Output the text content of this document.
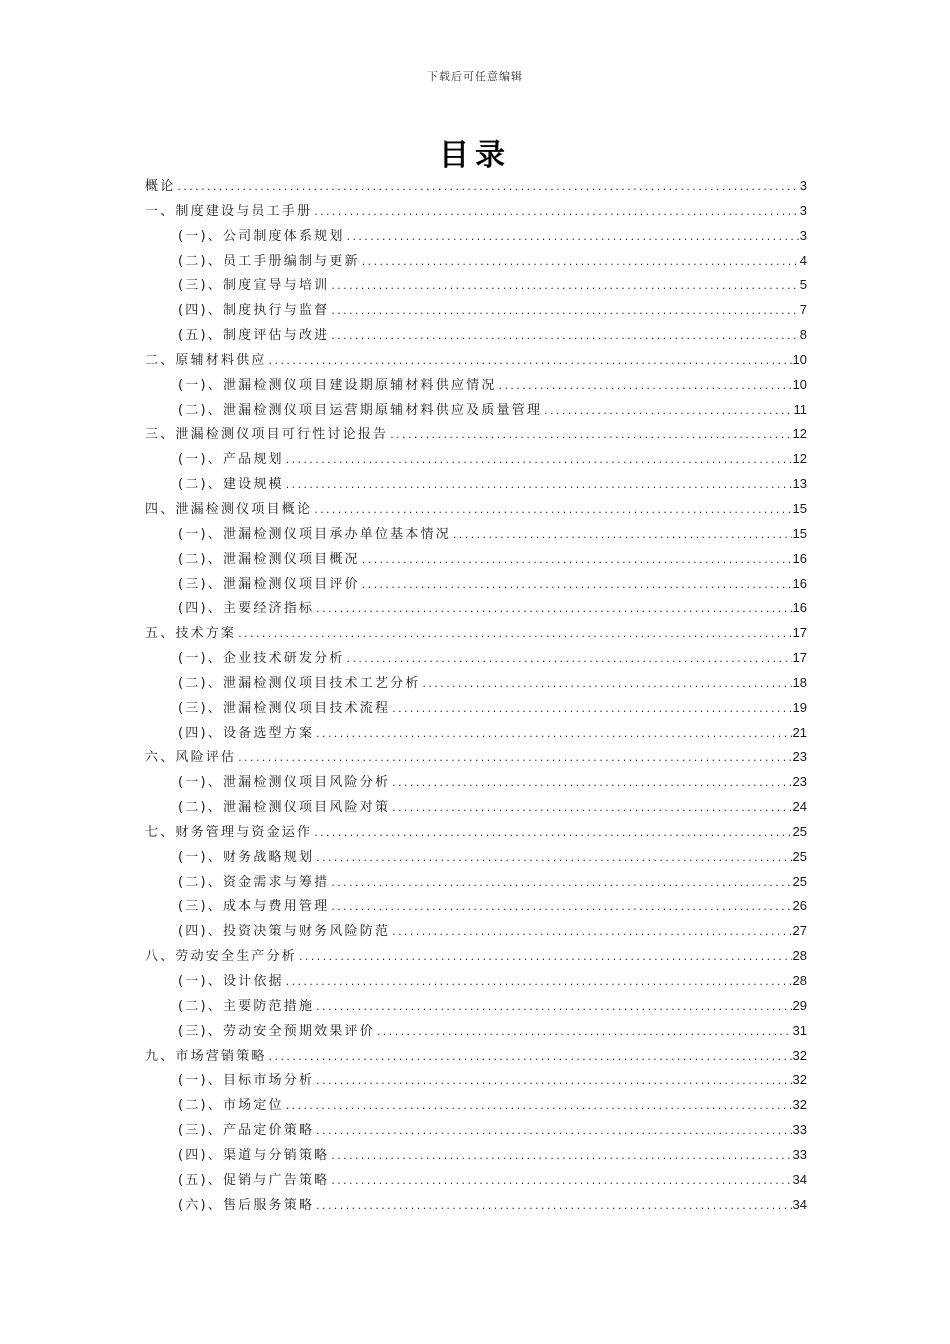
下载后可任意编辑
目录
概论 .....	3
一、制度建设与员工手册 .....	3
(一)、公司制度体系规划 .....	3
(二)、员工手册编制与更新 .....	4
(三)、制度宣导与培训 .....	5
(四)、制度执行与监督 .....	7
(五)、制度评估与改进 .....	8
二、原辅材料供应 .....	10
(一)、泄漏检测仪项目建设期原辅材料供应情况 .....	10
(二)、泄漏检测仪项目运营期原辅材料供应及质量管理 .....	11
三、泄漏检测仪项目可行性讨论报告 .....	12
(一)、产品规划 .....	12
(二)、建设规模 .....	13
四、泄漏检测仪项目概论 .....	15
(一)、泄漏检测仪项目承办单位基本情况 .....	15
(二)、泄漏检测仪项目概况 .....	16
(三)、泄漏检测仪项目评价 .....	16
(四)、主要经济指标 .....	16
五、技术方案 .....	17
(一)、企业技术研发分析 .....	17
(二)、泄漏检测仪项目技术工艺分析 .....	18
(三)、泄漏检测仪项目技术流程 .....	19
(四)、设备选型方案 .....	21
六、风险评估 .....	23
(一)、泄漏检测仪项目风险分析 .....	23
(二)、泄漏检测仪项目风险对策 .....	24
七、财务管理与资金运作 .....	25
(一)、财务战略规划 .....	25
(二)、资金需求与筹措 .....	25
(三)、成本与费用管理 .....	26
(四)、投资决策与财务风险防范 .....	27
八、劳动安全生产分析 .....	28
(一)、设计依据 .....	28
(二)、主要防范措施 .....	29
(三)、劳动安全预期效果评价 .....	31
九、市场营销策略 .....	32
(一)、目标市场分析 .....	32
(二)、市场定位 .....	32
(三)、产品定价策略 .....	33
(四)、渠道与分销策略 .....	33
(五)、促销与广告策略 .....	34
(六)、售后服务策略 .....	34
